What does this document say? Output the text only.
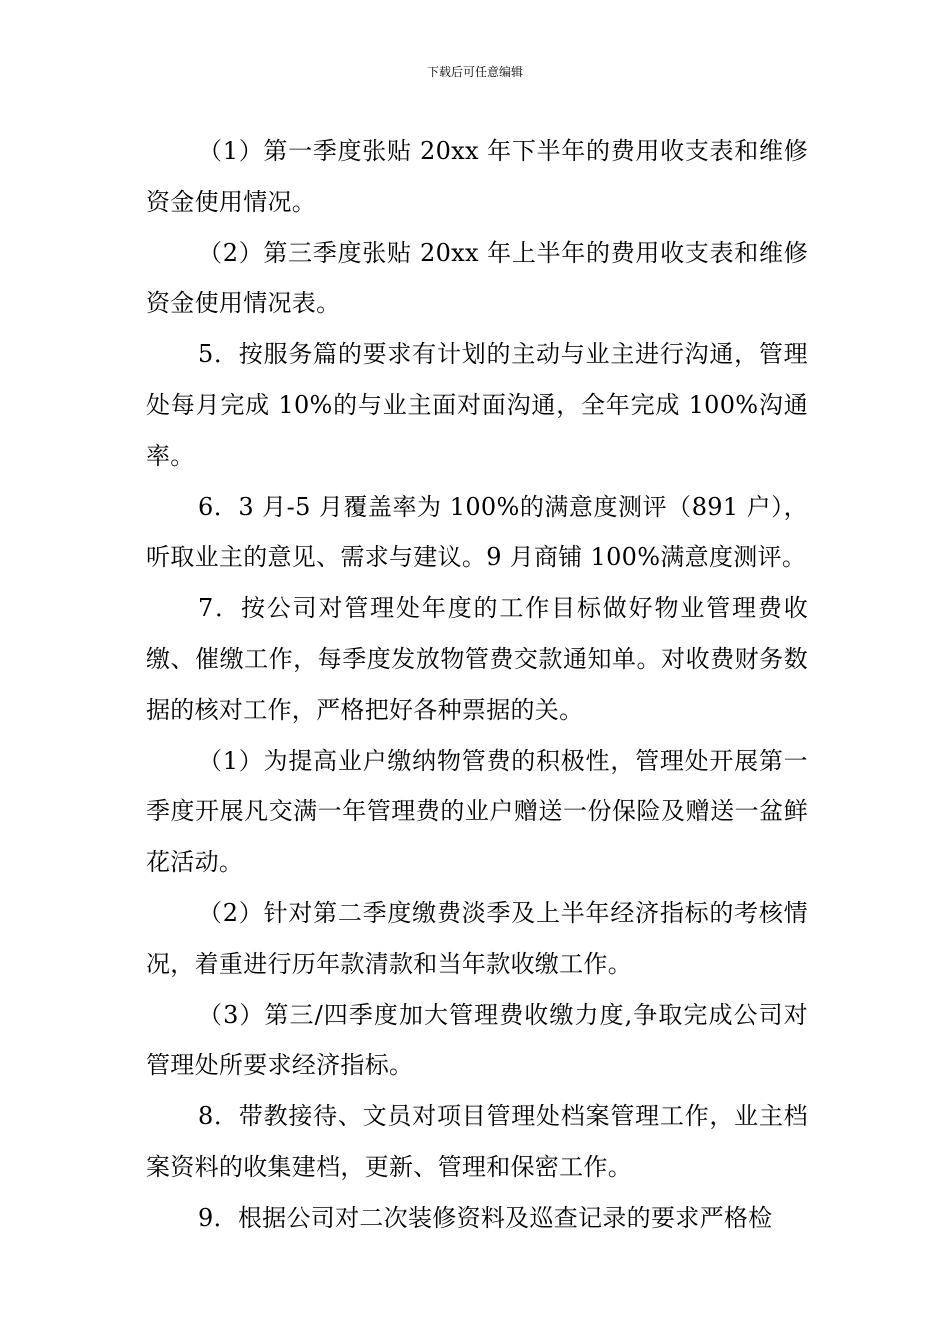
下载后可任意编辑

（1）第一季度张贴 20xx 年下半年的费用收支表和维修资金使用情况。

（2）第三季度张贴 20xx 年上半年的费用收支表和维修资金使用情况表。

5．按服务篇的要求有计划的主动与业主进行沟通，管理处每月完成 10%的与业主面对面沟通，全年完成 100%沟通率。

6．3 月-5 月覆盖率为 100%的满意度测评（891 户），听取业主的意见、需求与建议。9 月商铺 100%满意度测评。

7．按公司对管理处年度的工作目标做好物业管理费收缴、催缴工作，每季度发放物管费交款通知单。对收费财务数据的核对工作，严格把好各种票据的关。

（1）为提高业户缴纳物管费的积极性，管理处开展第一季度开展凡交满一年管理费的业户赠送一份保险及赠送一盆鲜花活动。

（2）针对第二季度缴费淡季及上半年经济指标的考核情况，着重进行历年款清款和当年款收缴工作。

（3）第三/四季度加大管理费收缴力度,争取完成公司对管理处所要求经济指标。

8．带教接待、文员对项目管理处档案管理工作，业主档案资料的收集建档，更新、管理和保密工作。

9．根据公司对二次装修资料及巡查记录的要求严格检
